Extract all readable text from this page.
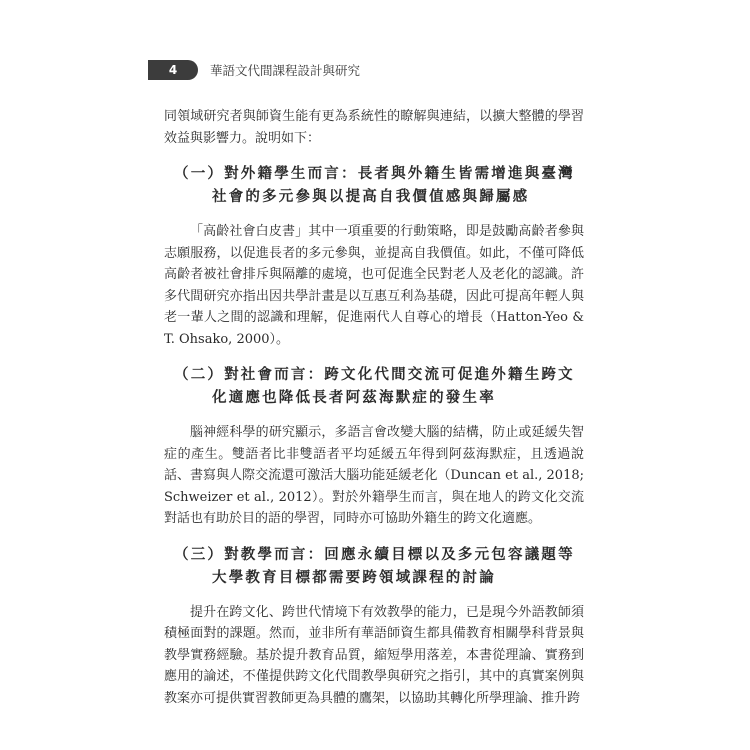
4	華語文代間課程設計與研究

同領域研究者與師資生能有更為系統性的瞭解與連結，以擴大整體的學習效益與影響力。說明如下：

（一）對外籍學生而言：長者與外籍生皆需增進與臺灣社會的多元參與以提高自我價值感與歸屬感

「高齡社會白皮書」其中一項重要的行動策略，即是鼓勵高齡者參與志願服務，以促進長者的多元參與，並提高自我價值。如此，不僅可降低高齡者被社會排斥與隔離的處境，也可促進全民對老人及老化的認識。許多代間研究亦指出因共學計畫是以互惠互利為基礎，因此可提高年輕人與老一輩人之間的認識和理解，促進兩代人自尊心的增長（Hatton-Yeo & T. Ohsako, 2000）。

（二）對社會而言：跨文化代間交流可促進外籍生跨文化適應也降低長者阿茲海默症的發生率

腦神經科學的研究顯示，多語言會改變大腦的結構，防止或延緩失智症的產生。雙語者比非雙語者平均延緩五年得到阿茲海默症，且透過說話、書寫與人際交流還可激活大腦功能延緩老化（Duncan et al., 2018; Schweizer et al., 2012）。對於外籍學生而言，與在地人的跨文化交流對話也有助於目的語的學習，同時亦可協助外籍生的跨文化適應。

（三）對教學而言：回應永續目標以及多元包容議題等大學教育目標都需要跨領域課程的討論

提升在跨文化、跨世代情境下有效教學的能力，已是現今外語教師須積極面對的課題。然而，並非所有華語師資生都具備教育相關學科背景與教學實務經驗。基於提升教育品質，縮短學用落差，本書從理論、實務到應用的論述，不僅提供跨文化代間教學與研究之指引，其中的真實案例與教案亦可提供實習教師更為具體的鷹架，以協助其轉化所學理論、推升跨
